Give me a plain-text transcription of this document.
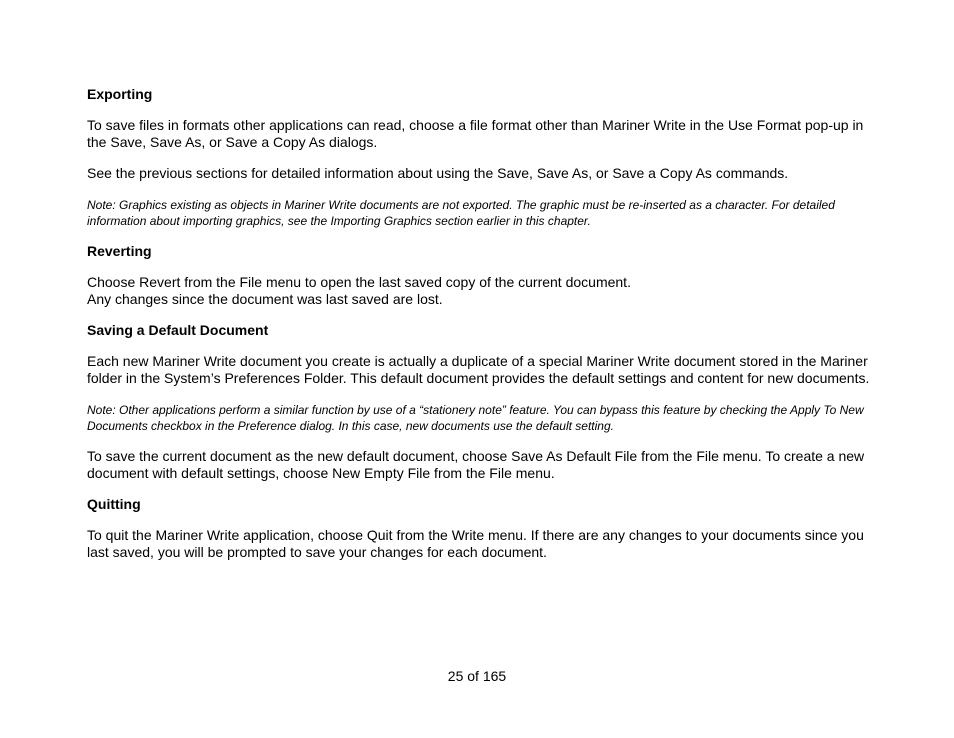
Exporting
To save files in formats other applications can read, choose a file format other than Mariner Write in the Use Format pop-up in the Save, Save As, or Save a Copy As dialogs.
See the previous sections for detailed information about using the Save, Save As, or Save a Copy As commands.
Note: Graphics existing as objects in Mariner Write documents are not exported. The graphic must be re-inserted as a character. For detailed information about importing graphics, see the Importing Graphics section earlier in this chapter.
Reverting
Choose Revert from the File menu to open the last saved copy of the current document.
Any changes since the document was last saved are lost.
Saving a Default Document
Each new Mariner Write document you create is actually a duplicate of a special Mariner Write document stored in the Mariner folder in the System’s Preferences Folder. This default document provides the default settings and content for new documents.
Note: Other applications perform a similar function by use of a “stationery note” feature. You can bypass this feature by checking the Apply To New Documents checkbox in the Preference dialog. In this case, new documents use the default setting.
To save the current document as the new default document, choose Save As Default File from the File menu. To create a new document with default settings, choose New Empty File from the File menu.
Quitting
To quit the Mariner Write application, choose Quit from the Write menu. If there are any changes to your documents since you last saved, you will be prompted to save your changes for each document.
25 of 165
